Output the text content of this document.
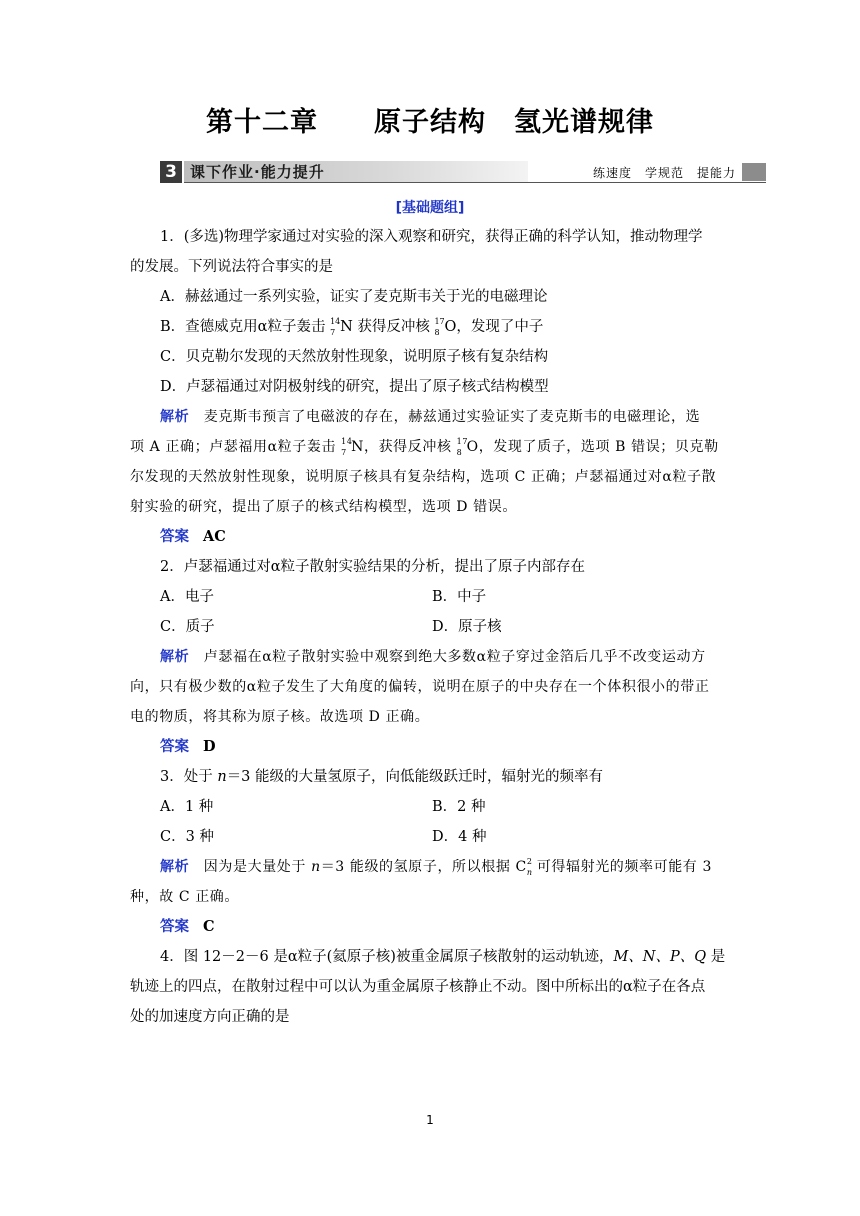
第十二章　　原子结构　氢光谱规律
3 课下作业·能力提升	练速度　学规范　提能力
[基础题组]
1．(多选)物理学家通过对实验的深入观察和研究，获得正确的科学认知，推动物理学
的发展。下列说法符合事实的是
A．赫兹通过一系列实验，证实了麦克斯韦关于光的电磁理论
B．查德威克用α粒子轰击 14
7 N 获得反冲核 17
8 O，发现了中子
C．贝克勒尔发现的天然放射性现象，说明原子核有复杂结构
D．卢瑟福通过对阴极射线的研究，提出了原子核式结构模型
解析　麦克斯韦预言了电磁波的存在，赫兹通过实验证实了麦克斯韦的电磁理论，选
项 A 正确；卢瑟福用α粒子轰击 14
7 N，获得反冲核 17
8 O，发现了质子，选项 B 错误；贝克勒
尔发现的天然放射性现象，说明原子核具有复杂结构，选项 C 正确；卢瑟福通过对α粒子散
射实验的研究，提出了原子的核式结构模型，选项 D 错误。
答案 AC
2．卢瑟福通过对α粒子散射实验结果的分析，提出了原子内部存在
A．电子	B．中子
C．质子	D．原子核
解析　卢瑟福在α粒子散射实验中观察到绝大多数α粒子穿过金箔后几乎不改变运动方
向，只有极少数的α粒子发生了大角度的偏转，说明在原子的中央存在一个体积很小的带正
电的物质，将其称为原子核。故选项 D 正确。
答案 D
3．处于 n＝3 能级的大量氢原子，向低能级跃迁时，辐射光的频率有
A．1 种	B．2 种
C．3 种	D．4 种
解析　因为是大量处于 n＝3 能级的氢原子，所以根据 C 2
n 可得辐射光的频率可能有 3
种，故 C 正确。
答案 C
4．图 12－2－6 是α粒子(氦原子核)被重金属原子核散射的运动轨迹，M、N、P、Q 是
轨迹上的四点，在散射过程中可以认为重金属原子核静止不动。图中所标出的α粒子在各点
处的加速度方向正确的是
1
